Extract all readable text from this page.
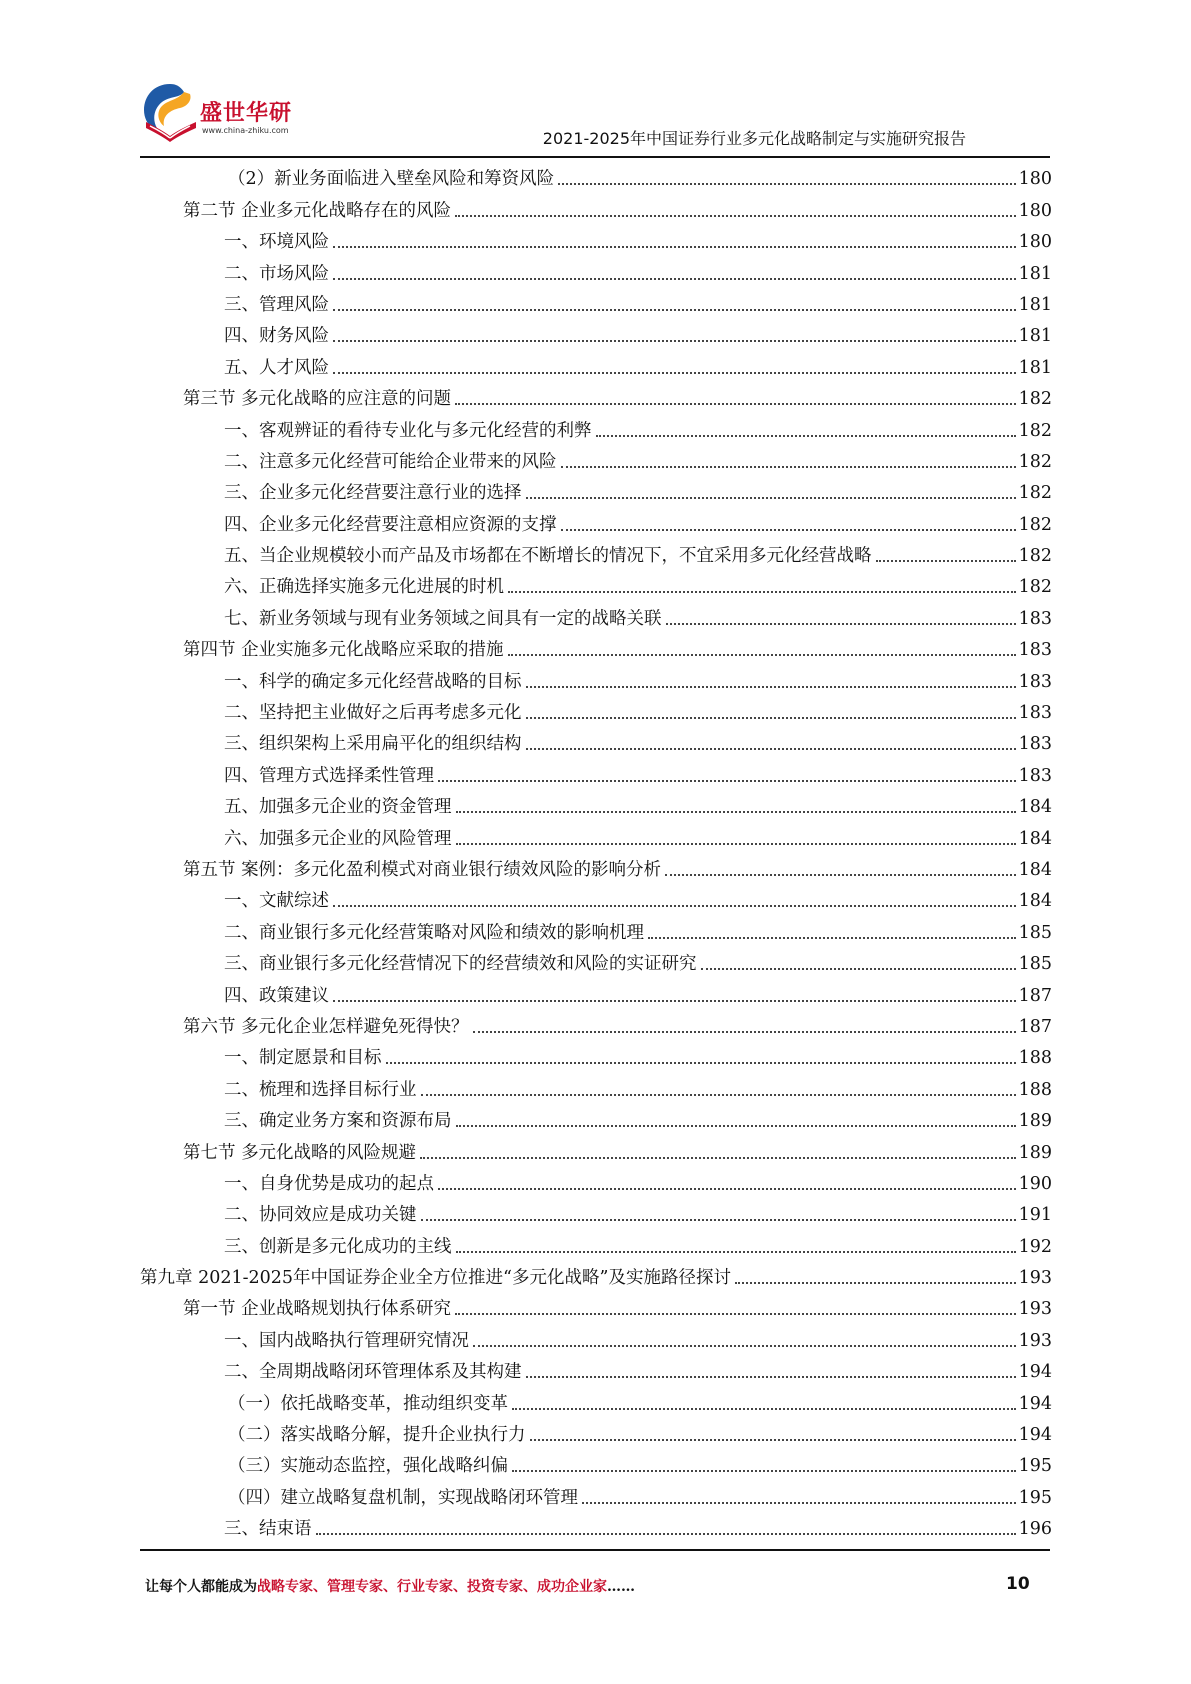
盛世华研
www.china-zhiku.com	2021-2025年中国证券行业多元化战略制定与实施研究报告
（2）新业务面临进入壁垒风险和筹资风险	180
第二节 企业多元化战略存在的风险	180
一、环境风险	180
二、市场风险	181
三、管理风险	181
四、财务风险	181
五、人才风险	181
第三节 多元化战略的应注意的问题	182
一、客观辨证的看待专业化与多元化经营的利弊	182
二、注意多元化经营可能给企业带来的风险	182
三、企业多元化经营要注意行业的选择	182
四、企业多元化经营要注意相应资源的支撑	182
五、当企业规模较小而产品及市场都在不断增长的情况下，不宜采用多元化经营战略	182
六、正确选择实施多元化进展的时机	182
七、新业务领域与现有业务领域之间具有一定的战略关联	183
第四节 企业实施多元化战略应采取的措施	183
一、科学的确定多元化经营战略的目标	183
二、坚持把主业做好之后再考虑多元化	183
三、组织架构上采用扁平化的组织结构	183
四、管理方式选择柔性管理	183
五、加强多元企业的资金管理	184
六、加强多元企业的风险管理	184
第五节 案例：多元化盈利模式对商业银行绩效风险的影响分析	184
一、文献综述	184
二、商业银行多元化经营策略对风险和绩效的影响机理	185
三、商业银行多元化经营情况下的经营绩效和风险的实证研究	185
四、政策建议	187
第六节 多元化企业怎样避免死得快？	187
一、制定愿景和目标	188
二、梳理和选择目标行业	188
三、确定业务方案和资源布局	189
第七节 多元化战略的风险规避	189
一、自身优势是成功的起点	190
二、协同效应是成功关键	191
三、创新是多元化成功的主线	192
第九章 2021-2025年中国证券企业全方位推进“多元化战略”及实施路径探讨	193
第一节 企业战略规划执行体系研究	193
一、国内战略执行管理研究情况	193
二、全周期战略闭环管理体系及其构建	194
（一）依托战略变革，推动组织变革	194
（二）落实战略分解，提升企业执行力	194
（三）实施动态监控，强化战略纠偏	195
（四）建立战略复盘机制，实现战略闭环管理	195
三、结束语	196
让每个人都能成为战略专家、管理专家、行业专家、投资专家、成功企业家……	10
